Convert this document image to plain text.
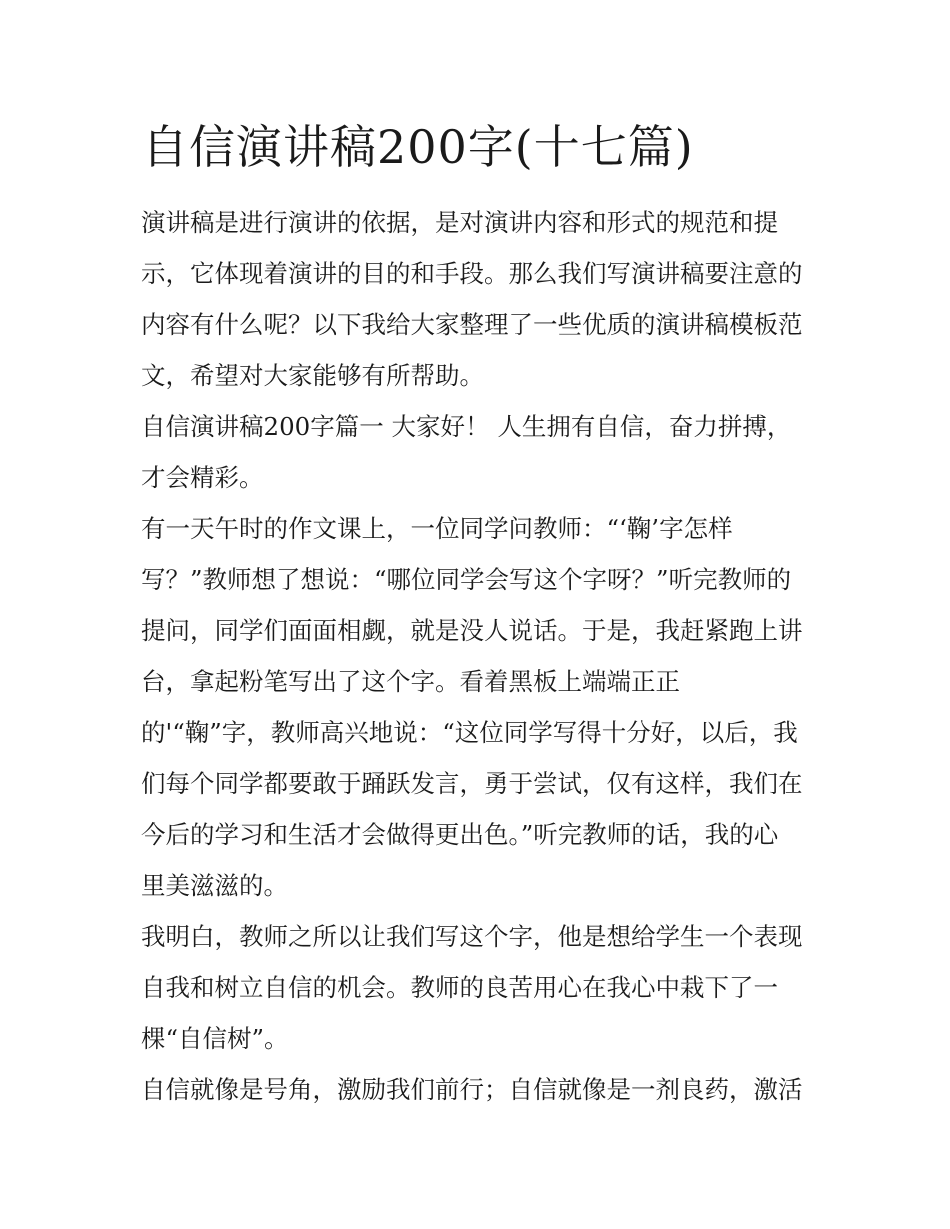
自信演讲稿200字(十七篇)
演讲稿是进行演讲的依据，是对演讲内容和形式的规范和提
示，它体现着演讲的目的和手段。那么我们写演讲稿要注意的
内容有什么呢？以下我给大家整理了一些优质的演讲稿模板范
文，希望对大家能够有所帮助。
自信演讲稿200字篇一 大家好！ 人生拥有自信，奋力拼搏，
才会精彩。
有一天午时的作文课上，一位同学问教师：“‘鞠’字怎样
写？”教师想了想说：“哪位同学会写这个字呀？”听完教师的
提问，同学们面面相觑，就是没人说话。于是，我赶紧跑上讲
台，拿起粉笔写出了这个字。看着黑板上端端正正
的'“鞠”字，教师高兴地说：“这位同学写得十分好，以后，我
们每个同学都要敢于踊跃发言，勇于尝试，仅有这样，我们在
今后的学习和生活才会做得更出色。”听完教师的话，我的心
里美滋滋的。
我明白，教师之所以让我们写这个字，他是想给学生一个表现
自我和树立自信的机会。教师的良苦用心在我心中栽下了一
棵“自信树”。
自信就像是号角，激励我们前行；自信就像是一剂良药，激活
